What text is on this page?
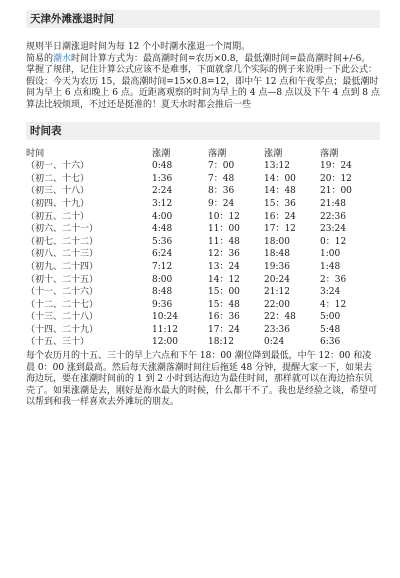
天津外滩涨退时间

规则半日潮涨退时间为每 12 个小时潮水涨退一个周期。

简易的潮水时间计算方式为：最高潮时间=农历×0.8，最低潮时间=最高潮时间+/-6。

掌握了规律，记住计算公式应该不是难事，下面就拿几个实际的例子来说明一下此公式：

假设：今天为农历 15，最高潮时间=15×0.8=12，即中午 12 点和午夜零点；最低潮时间为早上 6 点和晚上 6 点。近距离观察的时间为早上的 4 点—8 点以及下午 4 点到 8 点

算法比较烦琐，不过还是挺准的！夏天水时都会推后一些

时间表
时间	涨潮	落潮	涨潮	落潮
（初一、十六）	0:48	7：00	13:12	19：24
（初二、十七）	1:36	7：48	14：00	20：12
（初三、十八）	2:24	8：36	14：48	21：00
（初四、十九）	3:12	9：24	15：36	21:48
（初五、二十）	4:00	10：12	16：24	22:36
（初六、二十一）	4:48	11：00	17：12	23:24
（初七、二十二）	5:36	11：48	18:00	0：12
（初八、二十三）	6:24	12：36	18:48	1:00
（初九、二十四）	7:12	13：24	19:36	1:48
（初十、二十五）	8:00	14：12	20:24	2：36
（十一、二十六）	8:48	15：00	21:12	3:24
（十二、二十七）	9:36	15：48	22:00	4：12
（十三、二十八）	10:24	16：36	22：48	5:00
（十四、二十九）	11:12	17：24	23:36	5:48
（十五、三十）	12:00	18:12	0:24	6:36

每个农历月的十五、三十的早上六点和下午 18：00 潮位降到最低，中午 12：00 和凌晨 0：00 涨到最高。然后每天涨潮落潮时间往后拖延 48 分钟，提醒大家一下，如果去海边玩，要在涨潮时间前的 1 到 2 小时到达海边为最佳时间，那样就可以在海边拾东贝壳了。如果涨潮是去，刚好是海水最大的时候，什么都干不了。我也是经验之谈，希望可以帮到和我一样喜欢去外滩玩的朋友。
